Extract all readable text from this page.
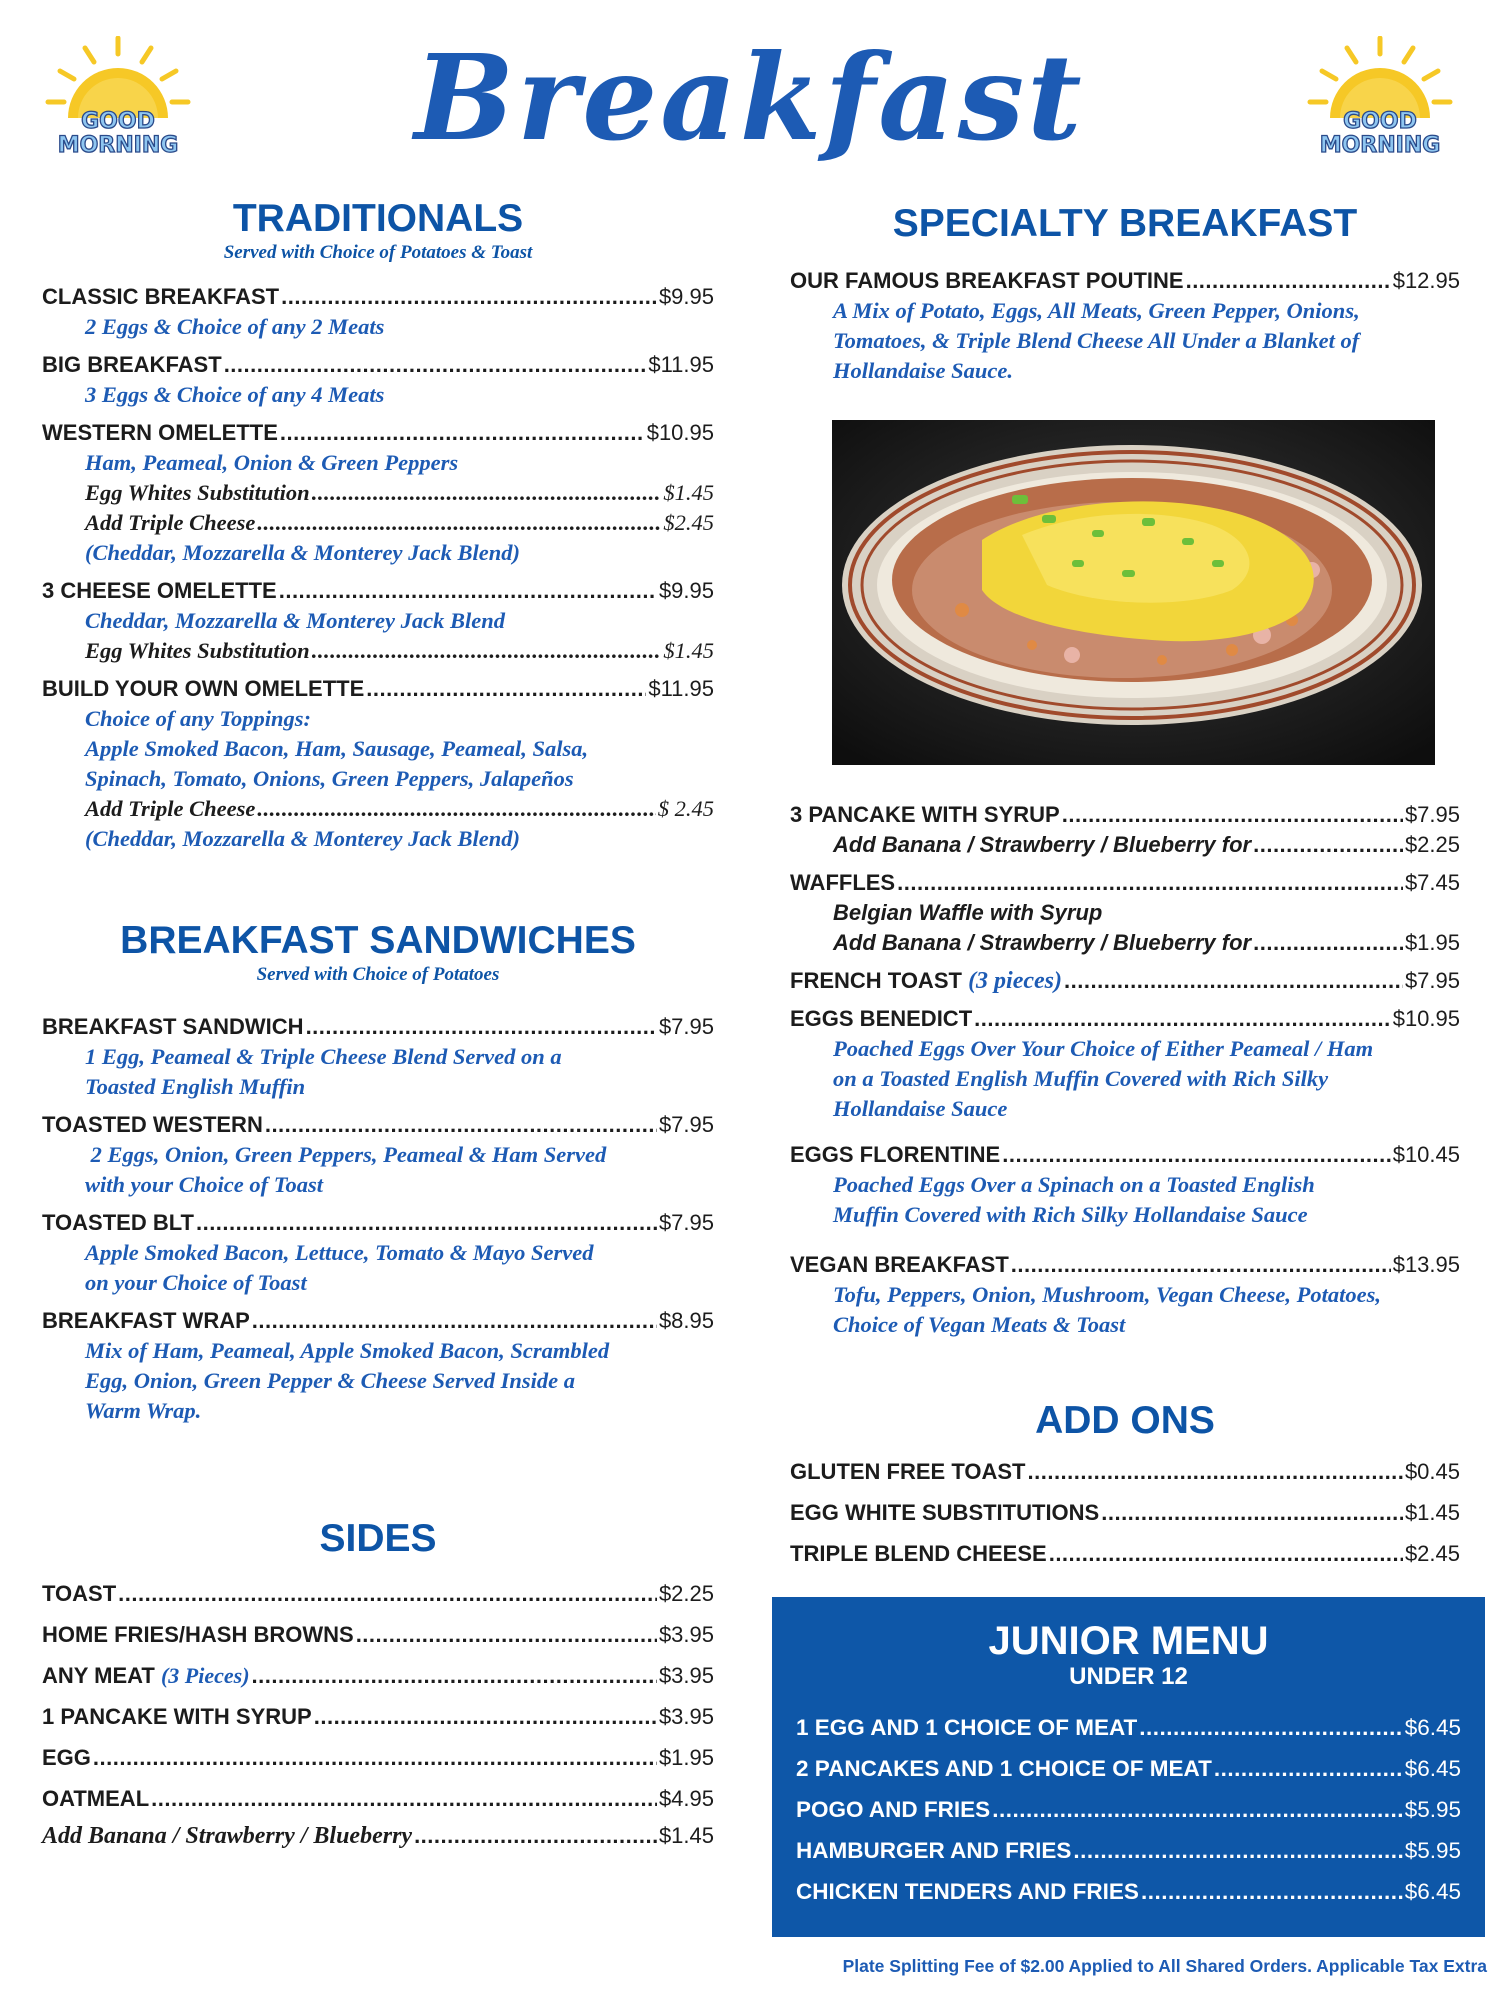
Breakfast
GOOD
MORNING
GOOD
MORNING
TRADITIONALS
Served with Choice of Potatoes & Toast
CLASSIC BREAKFAST .....	$9.95
2 Eggs & Choice of any 2 Meats
BIG BREAKFAST .....	$11.95
3 Eggs & Choice of any 4 Meats
WESTERN OMELETTE .....	$10.95
Ham, Peameal, Onion & Green Peppers
Egg Whites Substitution .....	$1.45
Add Triple Cheese .....	$2.45
(Cheddar, Mozzarella & Monterey Jack Blend)
3 CHEESE OMELETTE .....	$9.95
Cheddar, Mozzarella & Monterey Jack Blend
Egg Whites Substitution .....	$1.45
BUILD YOUR OWN OMELETTE .....	$11.95
Choice of any Toppings:
Apple Smoked Bacon, Ham, Sausage, Peameal, Salsa,
Spinach, Tomato, Onions, Green Peppers, Jalapeños
Add Triple Cheese .....	$ 2.45
(Cheddar, Mozzarella & Monterey Jack Blend)
BREAKFAST SANDWICHES
Served with Choice of Potatoes
BREAKFAST SANDWICH .....	$7.95
1 Egg, Peameal & Triple Cheese Blend Served on a
Toasted English Muffin
TOASTED WESTERN .....	$7.95
2 Eggs, Onion, Green Peppers, Peameal & Ham Served
with your Choice of Toast
TOASTED BLT .....	$7.95
Apple Smoked Bacon, Lettuce, Tomato & Mayo Served
on your Choice of Toast
BREAKFAST WRAP .....	$8.95
Mix of Ham, Peameal, Apple Smoked Bacon, Scrambled
Egg, Onion, Green Pepper & Cheese Served Inside a
Warm Wrap.
SIDES
TOAST .....	$2.25
HOME FRIES/HASH BROWNS .....	$3.95
ANY MEAT (3 Pieces) .....	$3.95
1 PANCAKE WITH SYRUP .....	$3.95
EGG .....	$1.95
OATMEAL .....	$4.95
Add Banana / Strawberry / Blueberry .....	$1.45
SPECIALTY BREAKFAST
OUR FAMOUS BREAKFAST POUTINE .....	$12.95
A Mix of Potato, Eggs, All Meats, Green Pepper, Onions,
Tomatoes, & Triple Blend Cheese All Under a Blanket of
Hollandaise Sauce.
3 PANCAKE WITH SYRUP .....	$7.95
Add Banana / Strawberry / Blueberry for .....	$2.25
WAFFLES .....	$7.45
Belgian Waffle with Syrup
Add Banana / Strawberry / Blueberry for .....	$1.95
FRENCH TOAST (3 pieces) .....	$7.95
EGGS BENEDICT .....	$10.95
Poached Eggs Over Your Choice of Either Peameal / Ham
on a Toasted English Muffin Covered with Rich Silky
Hollandaise Sauce
EGGS FLORENTINE .....	$10.45
Poached Eggs Over a Spinach on a Toasted English
Muffin Covered with Rich Silky Hollandaise Sauce
VEGAN BREAKFAST .....	$13.95
Tofu, Peppers, Onion, Mushroom, Vegan Cheese, Potatoes,
Choice of Vegan Meats & Toast
ADD ONS
GLUTEN FREE TOAST .....	$0.45
EGG WHITE SUBSTITUTIONS .....	$1.45
TRIPLE BLEND CHEESE .....	$2.45
JUNIOR MENU
UNDER 12
1 EGG AND 1 CHOICE OF MEAT .....	$6.45
2 PANCAKES AND 1 CHOICE OF MEAT .....	$6.45
POGO AND FRIES .....	$5.95
HAMBURGER AND FRIES .....	$5.95
CHICKEN TENDERS AND FRIES .....	$6.45
Plate Splitting Fee of $2.00 Applied to All Shared Orders. Applicable Tax Extra
